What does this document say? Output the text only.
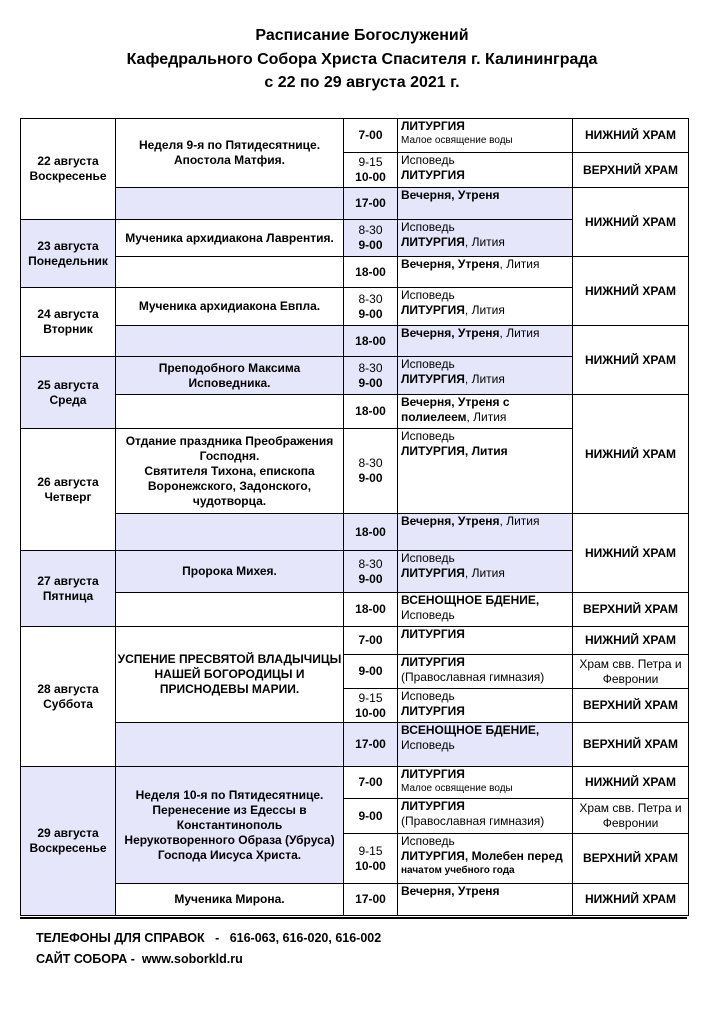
Расписание Богослужений
Кафедрального Собора Христа Спасителя г. Калининграда
с 22 по 29 августа 2021 г.
22 августа
Воскресенье
23 августа
Понедельник
24 августа
Вторник
25 августа
Среда
26 августа
Четверг
27 августа
Пятница
28 августа
Суббота
29 августа
Воскресенье
Неделя 9-я по Пятидесятнице.
Апостола Матфия.
Мученика архидиакона Лаврентия.
Мученика архидиакона Евпла.
Преподобного Максима
Исповедника.
Отдание праздника Преображения
Господня.
Святителя Тихона, епископа
Воронежского, Задонского,
чудотворца.
Пророка Михея.
УСПЕНИЕ ПРЕСВЯТОЙ ВЛАДЫЧИЦЫ
НАШЕЙ БОГОРОДИЦЫ И
ПРИСНОДЕВЫ МАРИИ.
Неделя 10-я по Пятидесятнице.
Перенесение из Едессы в
Константинополь
Нерукотворенного Образа (Убруса)
Господа Иисуса Христа.
Мученика Мирона.
7-00
ЛИТУРГИЯ
Малое освящение воды
9-15
10-00
Исповедь
ЛИТУРГИЯ
17-00
Вечерня, Утреня
8-30
9-00
Исповедь
ЛИТУРГИЯ, Лития
18-00
Вечерня, Утреня, Лития
8-30
9-00
Исповедь
ЛИТУРГИЯ, Лития
18-00
Вечерня, Утреня, Лития
8-30
9-00
Исповедь
ЛИТУРГИЯ, Лития
18-00
Вечерня, Утреня с
полиелеем, Лития
8-30
9-00
Исповедь
ЛИТУРГИЯ, Лития
18-00
Вечерня, Утреня, Лития
8-30
9-00
Исповедь
ЛИТУРГИЯ, Лития
18-00
ВСЕНОЩНОЕ БДЕНИЕ,
Исповедь
7-00 ЛИТУРГИЯ
9-00
ЛИТУРГИЯ
(Православная гимназия)
9-15
10-00
Исповедь
ЛИТУРГИЯ
17-00
ВСЕНОЩНОЕ БДЕНИЕ,
Исповедь
7-00
ЛИТУРГИЯ
Малое освящение воды
9-00
ЛИТУРГИЯ
(Православная гимназия)
9-15
10-00
Исповедь
ЛИТУРГИЯ, Молебен перед
начатом учебного года
17-00
Вечерня, Утреня
НИЖНИЙ ХРАМ
ВЕРХНИЙ ХРАМ
НИЖНИЙ ХРАМ
НИЖНИЙ ХРАМ
НИЖНИЙ ХРАМ
НИЖНИЙ ХРАМ
НИЖНИЙ ХРАМ
ВЕРХНИЙ ХРАМ
НИЖНИЙ ХРАМ
Храм свв. Петра и
Февронии
ВЕРХНИЙ ХРАМ
ВЕРХНИЙ ХРАМ
НИЖНИЙ ХРАМ
Храм свв. Петра и
Февронии
ВЕРХНИЙ ХРАМ
НИЖНИЙ ХРАМ
ТЕЛЕФОНЫ ДЛЯ СПРАВОК   -   616-063, 616-020, 616-002
САЙТ СОБОРА -  www.soborkld.ru
